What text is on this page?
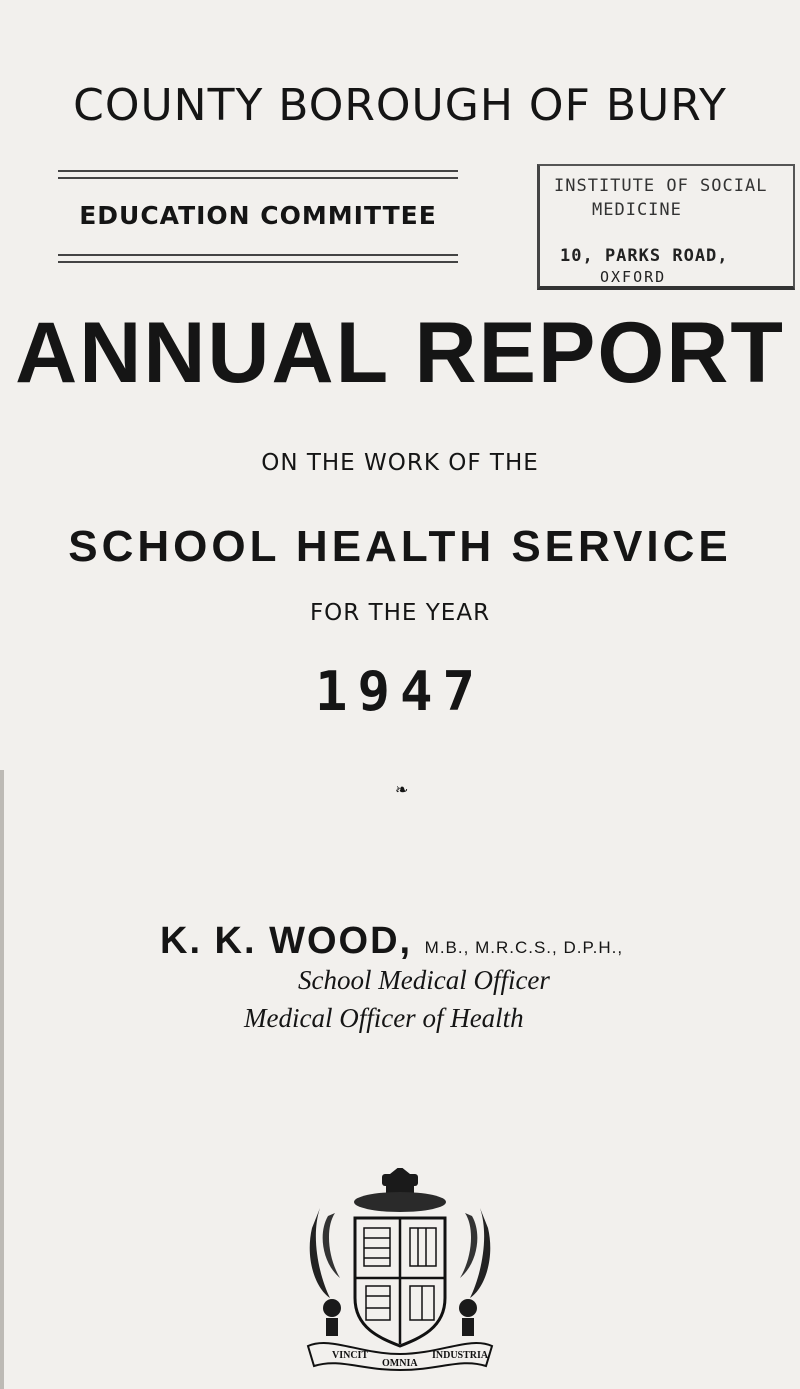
COUNTY BOROUGH OF BURY
EDUCATION COMMITTEE
INSTITUTE OF SOCIAL
MEDICINE
10, PARKS ROAD,
OXFORD
ANNUAL REPORT
ON THE WORK OF THE
SCHOOL HEALTH SERVICE
FOR THE YEAR
1947
❧
K. K. WOOD, M.B., M.R.C.S., D.P.H.,
School Medical Officer
Medical Officer of Health
VINCIT
OMNIA
INDUSTRIA
